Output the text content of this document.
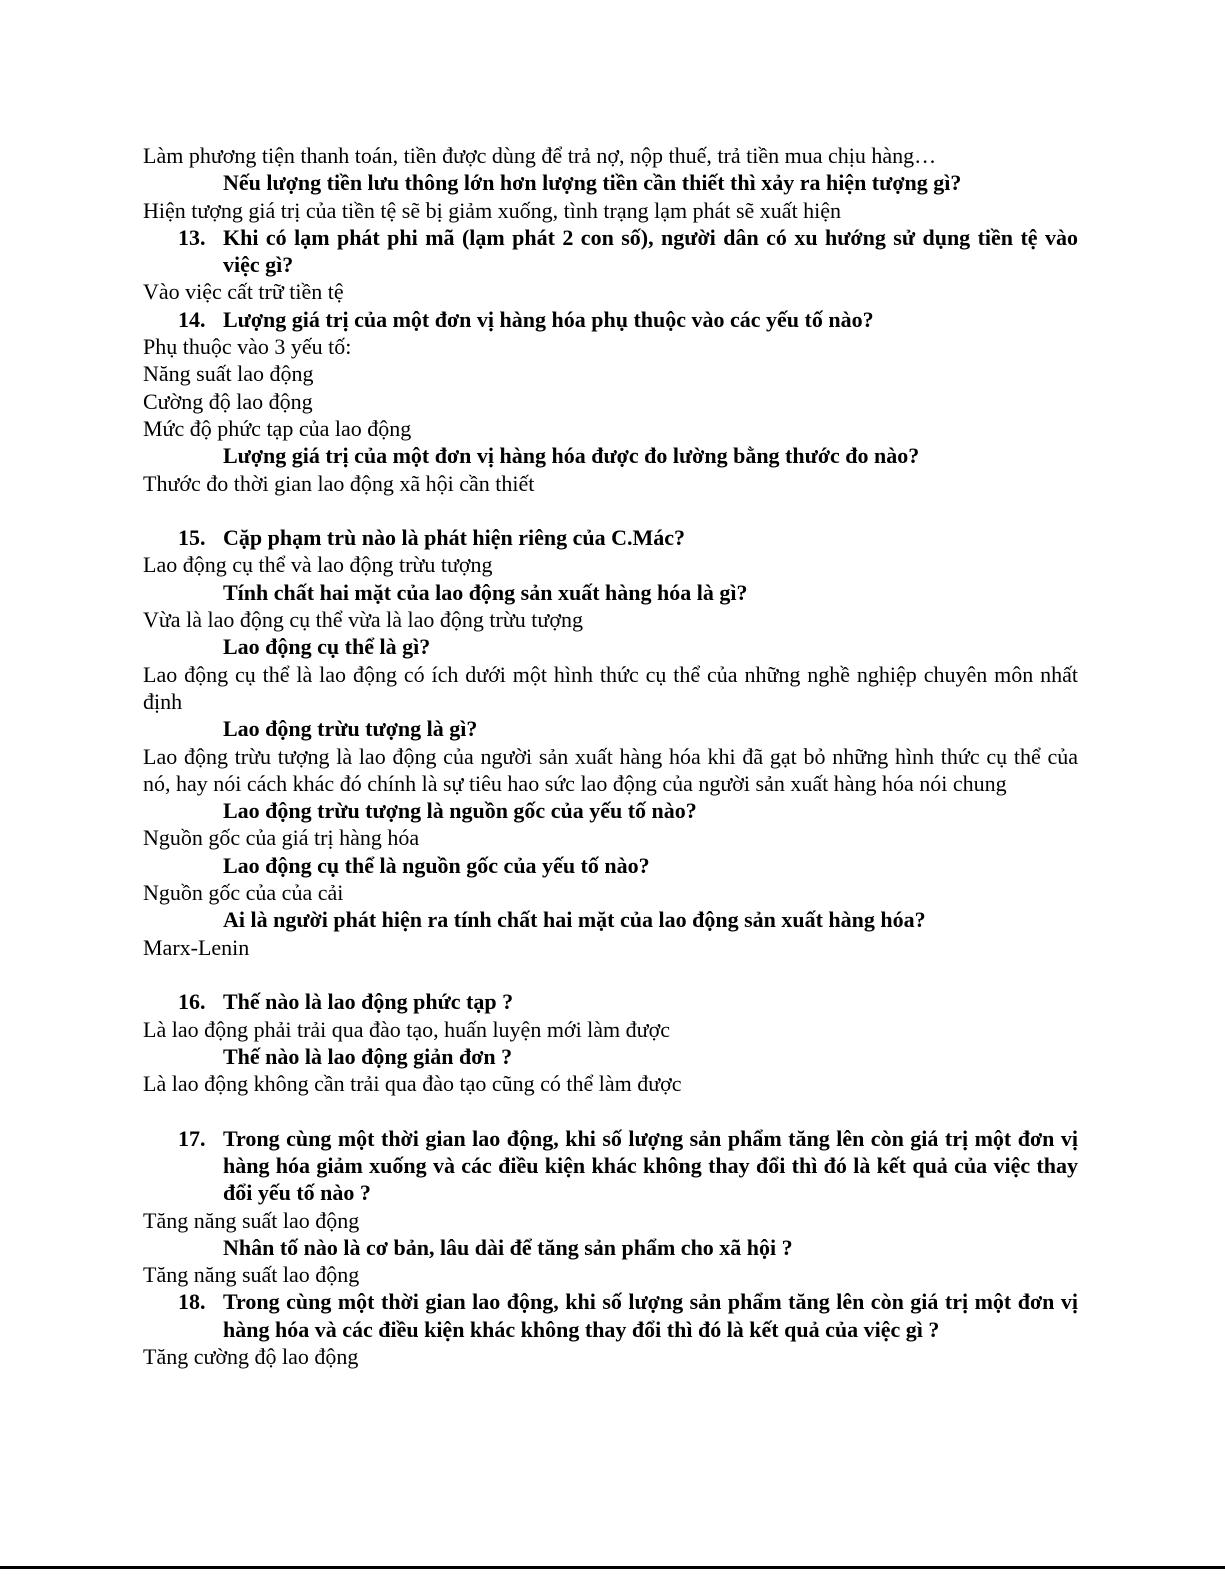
Làm phương tiện thanh toán, tiền được dùng để trả nợ, nộp thuế, trả tiền mua chịu hàng…
Nếu lượng tiền lưu thông lớn hơn lượng tiền cần thiết thì xảy ra hiện tượng gì?
Hiện tượng giá trị của tiền tệ sẽ bị giảm xuống, tình trạng lạm phát sẽ xuất hiện
13. Khi có lạm phát phi mã (lạm phát 2 con số), người dân có xu hướng sử dụng tiền tệ vào việc gì?
Vào việc cất trữ tiền tệ
14. Lượng giá trị của một đơn vị hàng hóa phụ thuộc vào các yếu tố nào?
Phụ thuộc vào 3 yếu tố:
Năng suất lao động
Cường độ lao động
Mức độ phức tạp của lao động
Lượng giá trị của một đơn vị hàng hóa được đo lường bằng thước đo nào?
Thước đo thời gian lao động xã hội cần thiết
15. Cặp phạm trù nào là phát hiện riêng của C.Mác?
Lao động cụ thể và lao động trừu tượng
Tính chất hai mặt của lao động sản xuất hàng hóa là gì?
Vừa là lao động cụ thể vừa là lao động trừu tượng
Lao động cụ thể là gì?
Lao động cụ thể là lao động có ích dưới một hình thức cụ thể của những nghề nghiệp chuyên môn nhất định
Lao động trừu tượng là gì?
Lao động trừu tượng là lao động của người sản xuất hàng hóa khi đã gạt bỏ những hình thức cụ thể của nó, hay nói cách khác đó chính là sự tiêu hao sức lao động của người sản xuất hàng hóa nói chung
Lao động trừu tượng là nguồn gốc của yếu tố nào?
Nguồn gốc của giá trị hàng hóa
Lao động cụ thể là nguồn gốc của yếu tố nào?
Nguồn gốc của của cải
Ai là người phát hiện ra tính chất hai mặt của lao động sản xuất hàng hóa?
Marx-Lenin
16. Thế nào là lao động phức tạp ?
Là lao động phải trải qua đào tạo, huấn luyện mới làm được
Thế nào là lao động giản đơn ?
Là lao động không cần trải qua đào tạo cũng có thể làm được
17. Trong cùng một thời gian lao động, khi số lượng sản phẩm tăng lên còn giá trị một đơn vị hàng hóa giảm xuống và các điều kiện khác không thay đổi thì đó là kết quả của việc thay đổi yếu tố nào ?
Tăng năng suất lao động
Nhân tố nào là cơ bản, lâu dài để tăng sản phẩm cho xã hội ?
Tăng năng suất lao động
18. Trong cùng một thời gian lao động, khi số lượng sản phẩm tăng lên còn giá trị một đơn vị hàng hóa và các điều kiện khác không thay đổi thì đó là kết quả của việc gì ?
Tăng cường độ lao động
